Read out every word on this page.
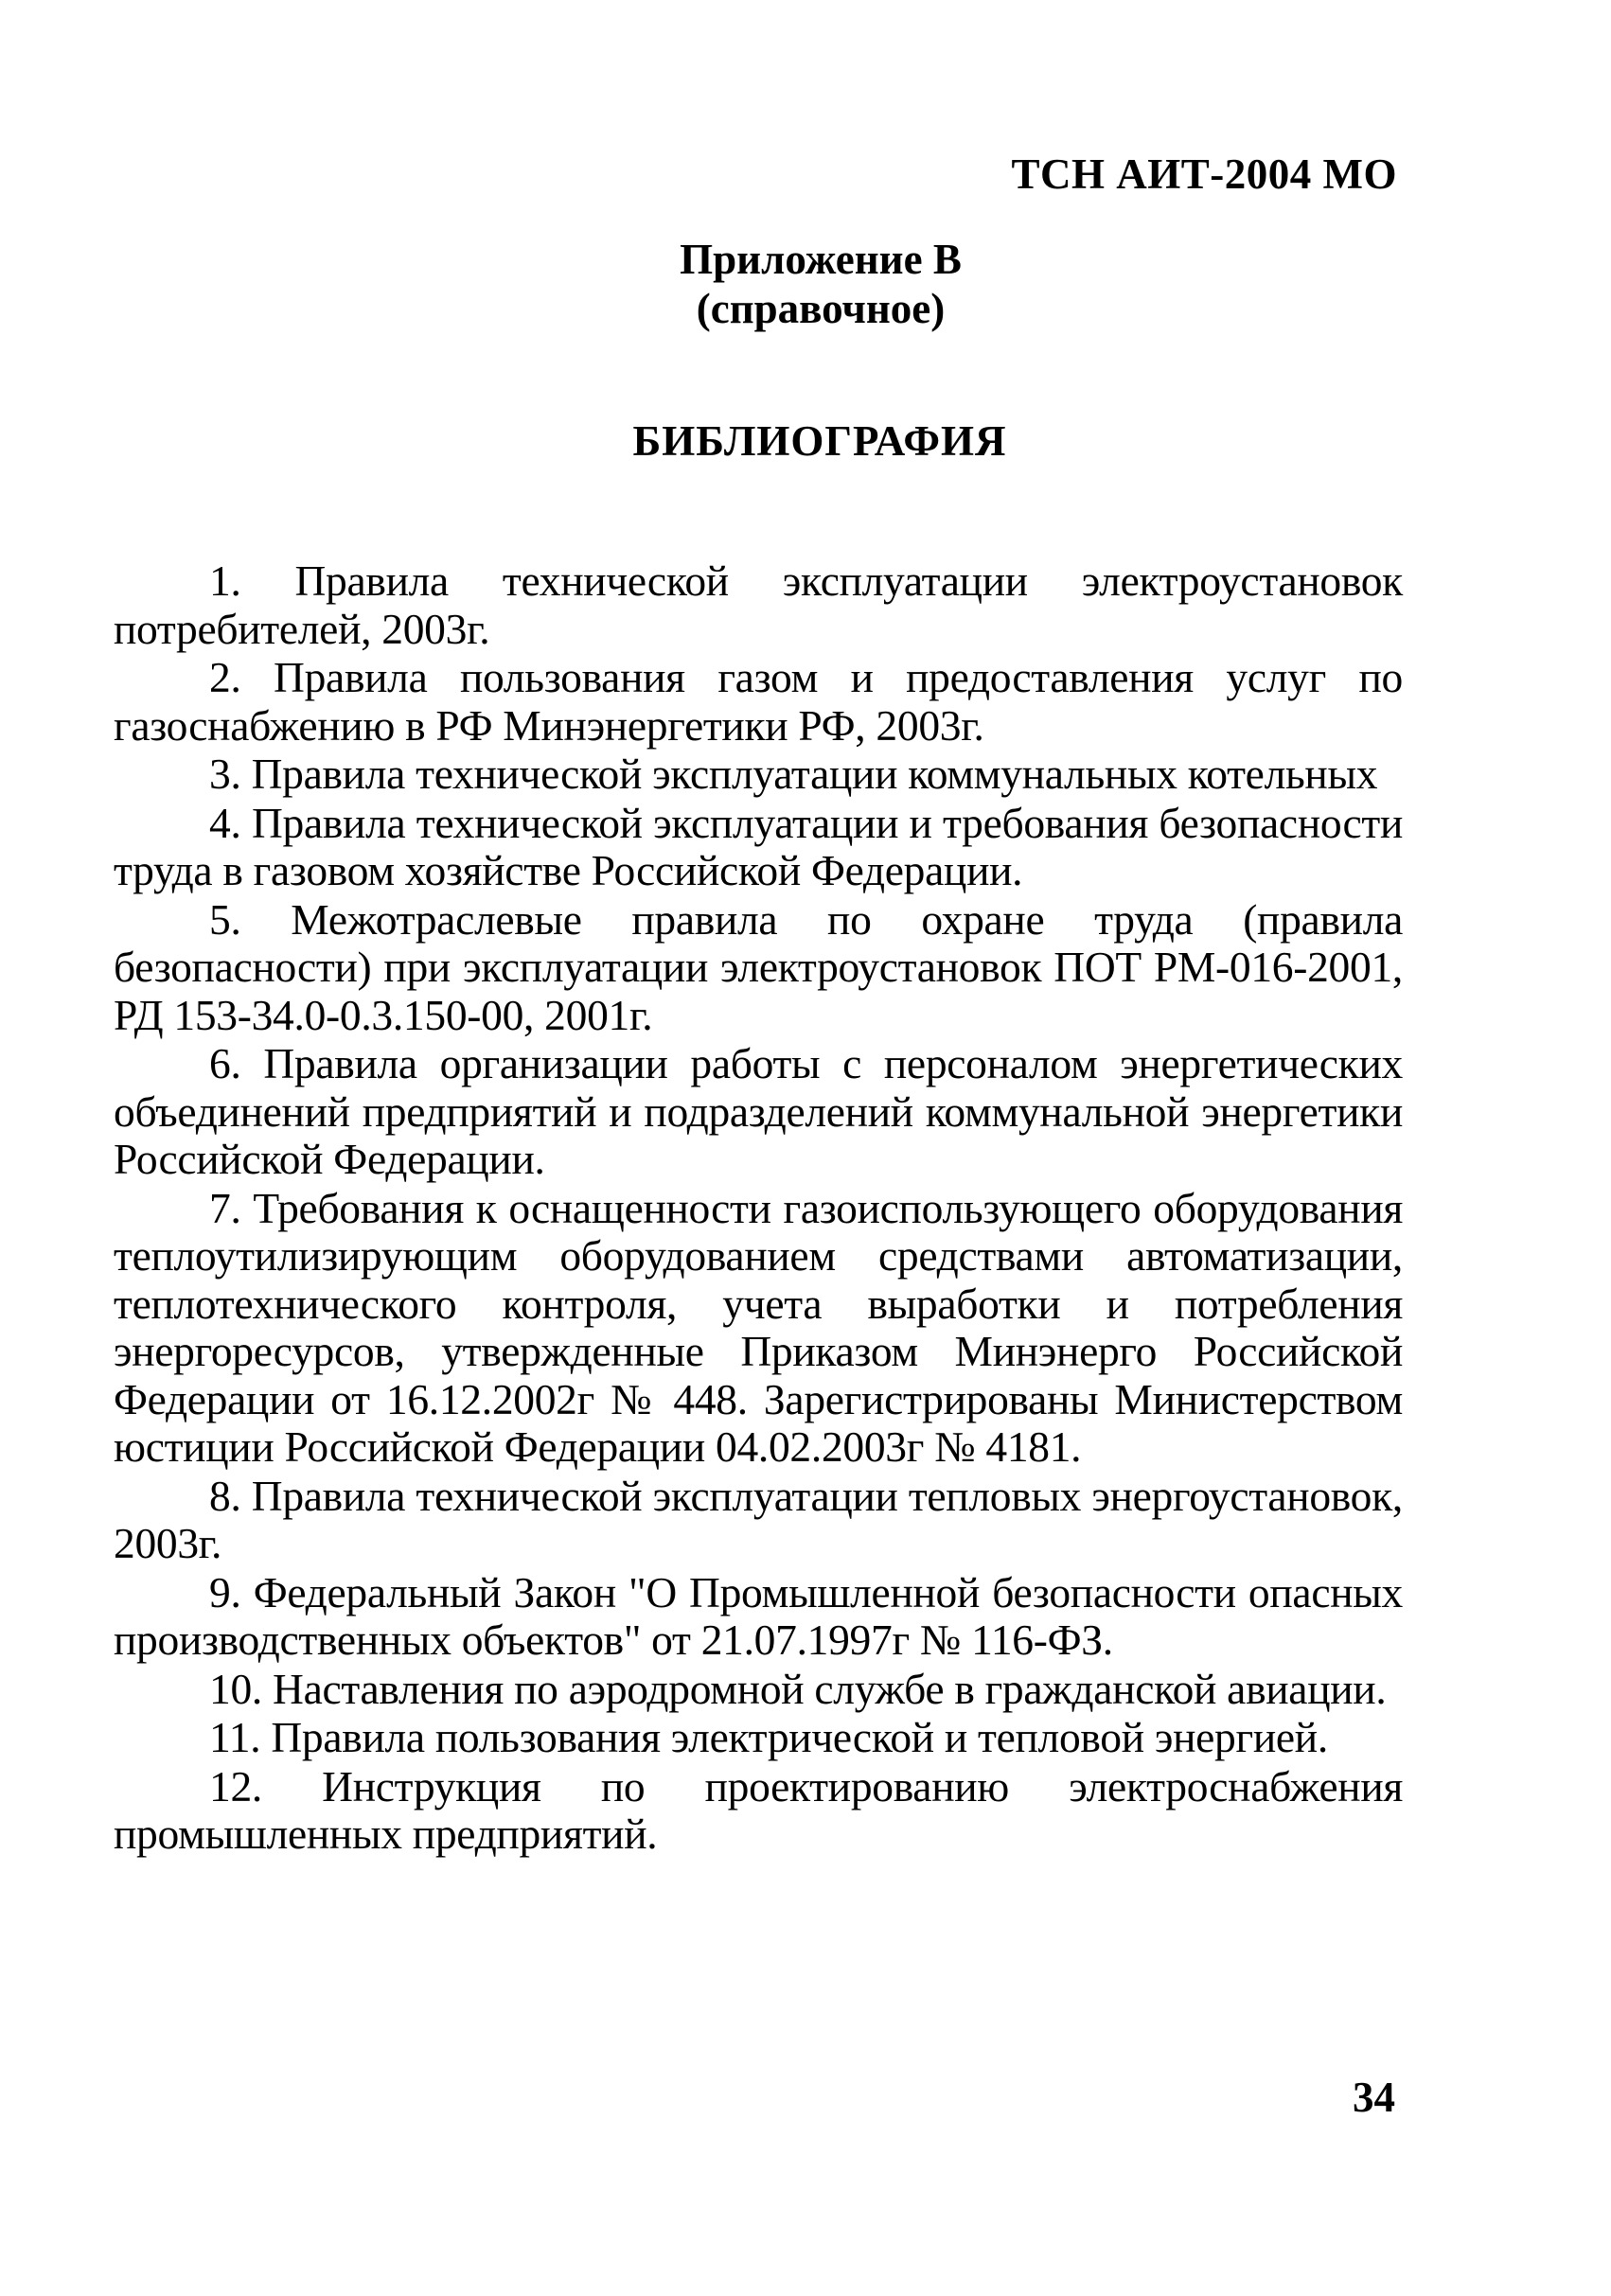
ТСН АИТ-2004 МО
Приложение В
(справочное)
БИБЛИОГРАФИЯ
1. Правила технической эксплуатации электроустановок потребителей, 2003г.
2. Правила пользования газом и предоставления услуг по газоснабжению в РФ Минэнергетики РФ, 2003г.
3. Правила технической эксплуатации коммунальных котельных
4. Правила технической эксплуатации и требования безопасности труда в газовом хозяйстве Российской Федерации.
5. Межотраслевые правила по охране труда (правила безопасности) при эксплуатации электроустановок ПОТ РМ-016-2001, РД 153-34.0-0.3.150-00, 2001г.
6. Правила организации работы с персоналом энергетических объединений предприятий и подразделений коммунальной энергетики Российской Федерации.
7. Требования к оснащенности газоиспользующего оборудования теплоутилизирующим оборудованием средствами автоматизации, теплотехнического контроля, учета выработки и потребления энергоресурсов, утвержденные Приказом Минэнерго Российской Федерации от 16.12.2002г № 448. Зарегистрированы Министерством юстиции Российской Федерации 04.02.2003г № 4181.
8. Правила технической эксплуатации тепловых энергоустановок, 2003г.
9. Федеральный Закон "О Промышленной безопасности опасных производственных объектов" от 21.07.1997г № 116-ФЗ.
10. Наставления по аэродромной службе в гражданской авиации.
11. Правила пользования электрической и тепловой энергией.
12. Инструкция по проектированию электроснабжения промышленных предприятий.
34
